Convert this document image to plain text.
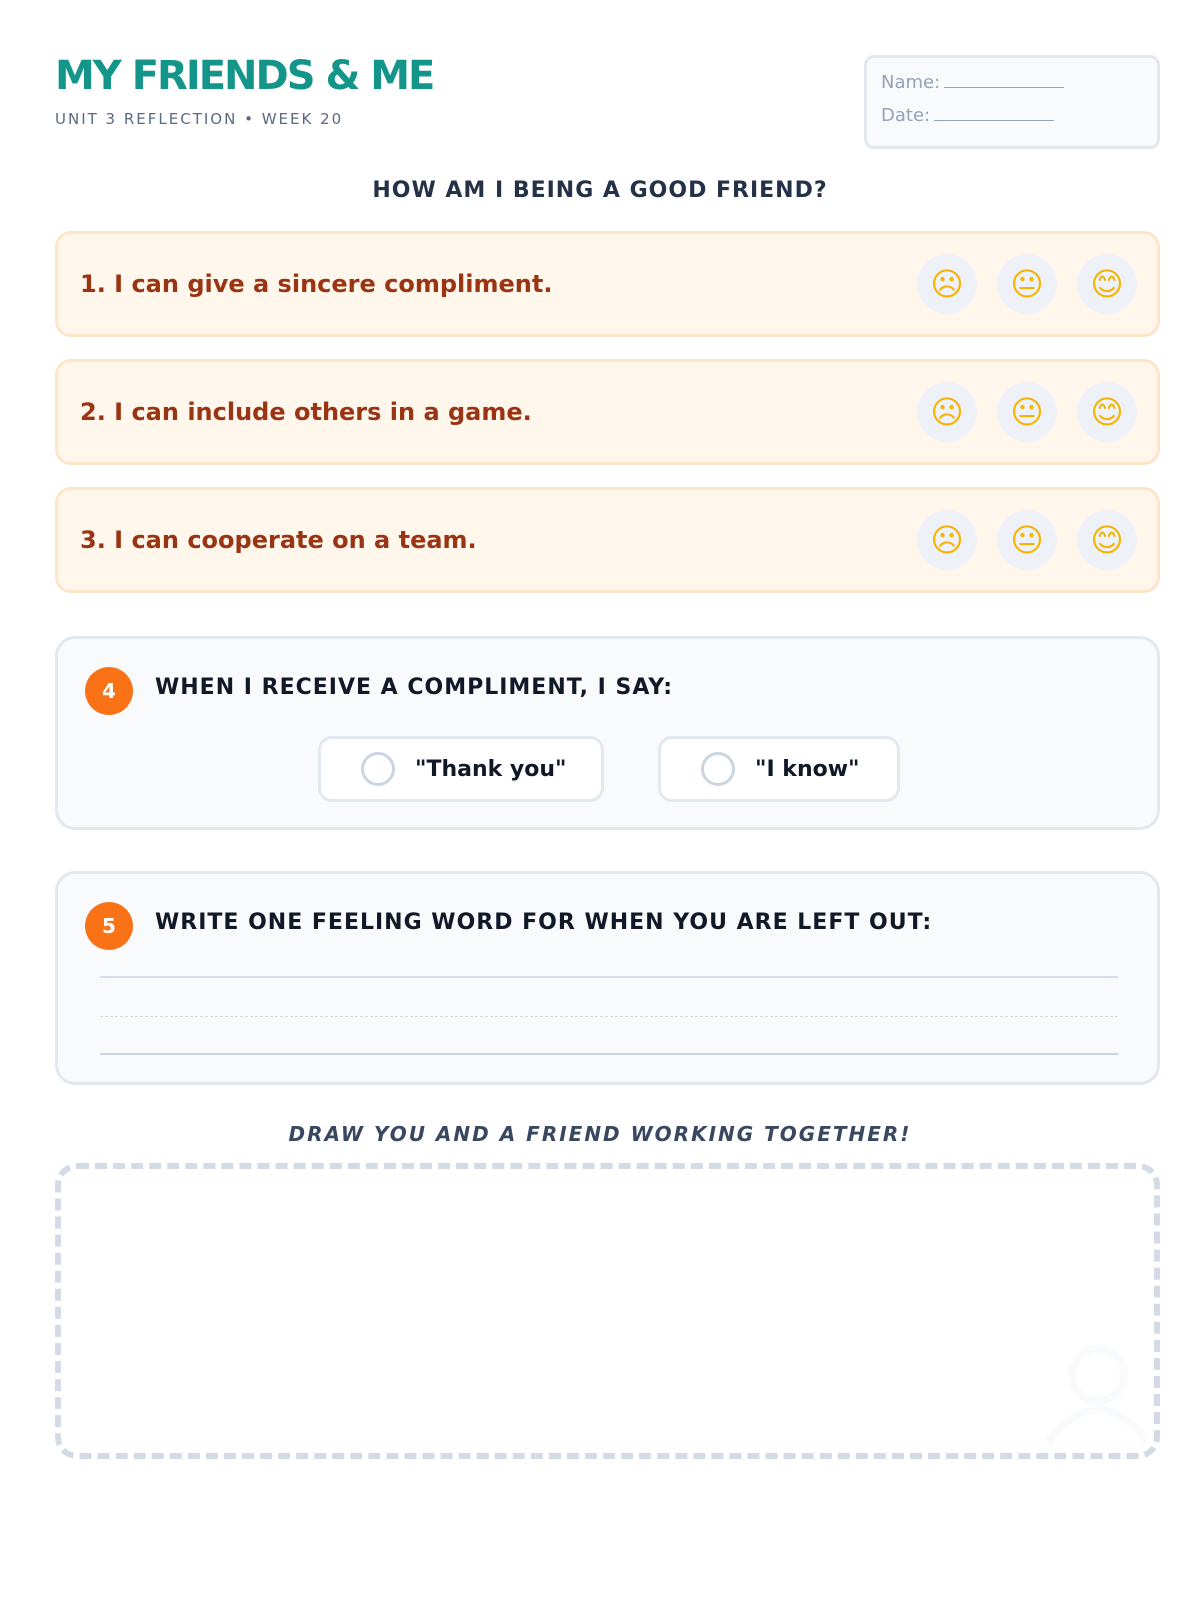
MY FRIENDS & ME
UNIT 3 REFLECTION • WEEK 20
Name:
Date:
HOW AM I BEING A GOOD FRIEND?
1. I can give a sincere compliment.	☹ 😐 😊
2. I can include others in a game.	☹ 😐 😊
3. I can cooperate on a team.	☹ 😐 😊
4	WHEN I RECEIVE A COMPLIMENT, I SAY:
"Thank you"	"I know"
5	WRITE ONE FEELING WORD FOR WHEN YOU ARE LEFT OUT:
DRAW YOU AND A FRIEND WORKING TOGETHER!
